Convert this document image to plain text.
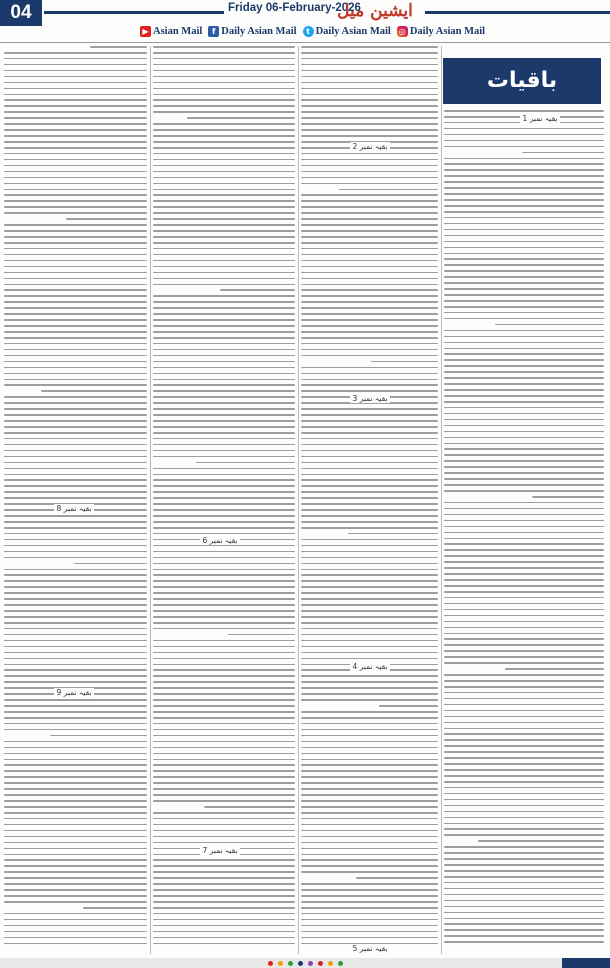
04	Friday 06-February-2026
ایشین میل
▶ Asian Mail	f Daily Asian Mail	t Daily Asian Mail ◎ Daily Asian Mail
باقیات
بقیہ نمبر 1
بقیہ نمبر 2
بقیہ نمبر 3
بقیہ نمبر 4
بقیہ نمبر 5
بقیہ نمبر 6
بقیہ نمبر 7
بقیہ نمبر 8
بقیہ نمبر 9
